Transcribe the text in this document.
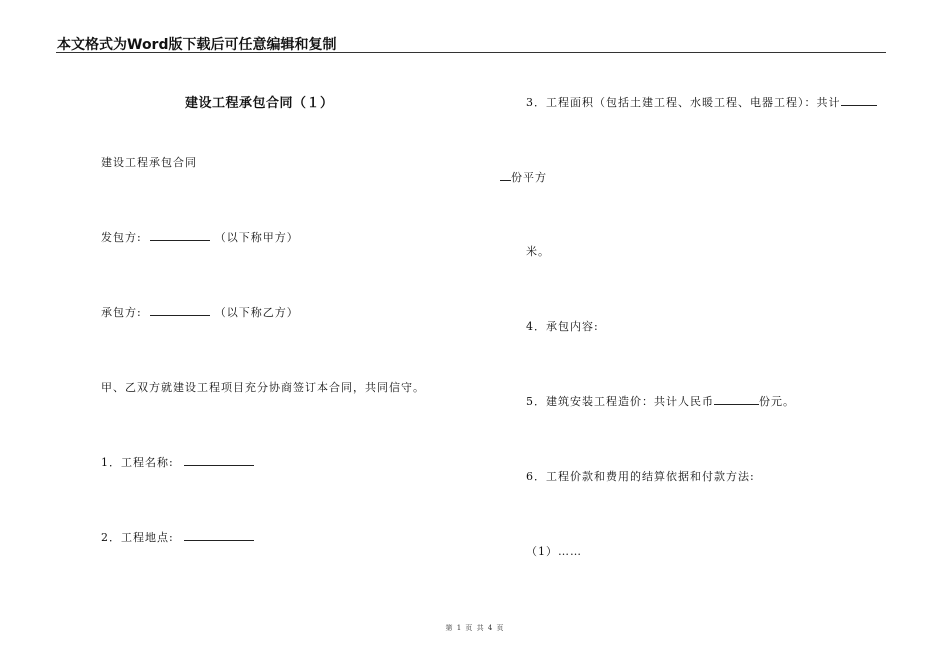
本文格式为Word版下载后可任意编辑和复制
建设工程承包合同（１）
建设工程承包合同
发包方:	（以下称甲方）
承包方:	（以下称乙方）
甲、乙双方就建设工程项目充分协商签订本合同，共同信守。
1．工程名称:
2．工程地点:
3．工程面积（包括土建工程、水暖工程、电器工程）：共计
份平方
米。
4．承包内容:
5．建筑安装工程造价：共计人民币	份元。
6．工程价款和费用的结算依据和付款方法:
（1）……
第 1 页 共 4 页
